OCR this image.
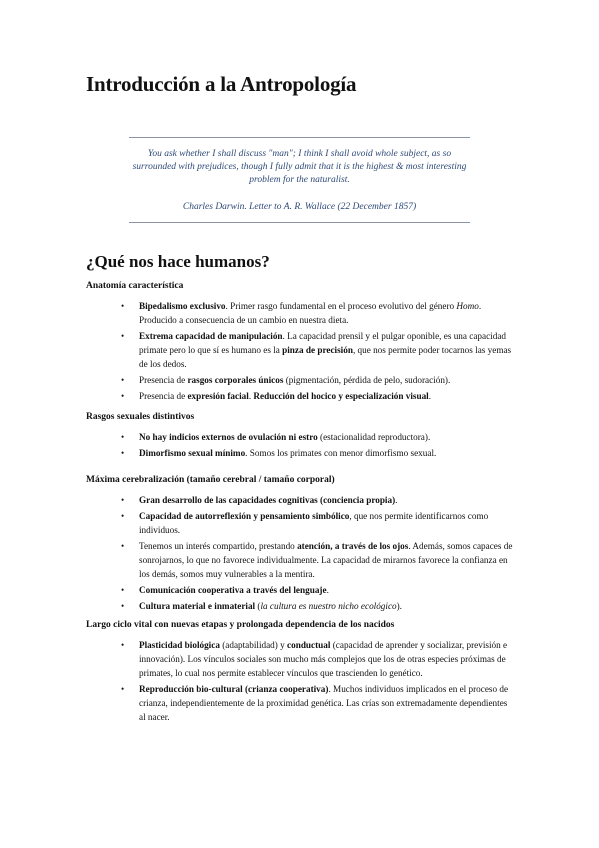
Introducción a la Antropología

You ask whether I shall discuss "man"; I think I shall avoid whole subject, as so surrounded with prejudices, though I fully admit that it is the highest & most interesting problem for the naturalist.

Charles Darwin. Letter to A. R. Wallace (22 December 1857)

¿Qué nos hace humanos?
Anatomía característica
•
Bipedalismo exclusivo. Primer rasgo fundamental en el proceso evolutivo del género Homo. Producido a consecuencia de un cambio en nuestra dieta.
•
Extrema capacidad de manipulación. La capacidad prensil y el pulgar oponible, es una capacidad primate pero lo que sí es humano es la pinza de precisión, que nos permite poder tocarnos las yemas de los dedos.
•
Presencia de rasgos corporales únicos (pigmentación, pérdida de pelo, sudoración).
•
Presencia de expresión facial. Reducción del hocico y especialización visual.
Rasgos sexuales distintivos
•
No hay indicios externos de ovulación ni estro (estacionalidad reproductora).
•
Dimorfismo sexual mínimo. Somos los primates con menor dimorfismo sexual.
Máxima cerebralización (tamaño cerebral / tamaño corporal)
•
Gran desarrollo de las capacidades cognitivas (conciencia propia).
•
Capacidad de autorreflexión y pensamiento simbólico, que nos permite identificarnos como individuos.
•
Tenemos un interés compartido, prestando atención, a través de los ojos. Además, somos capaces de sonrojarnos, lo que no favorece individualmente. La capacidad de mirarnos favorece la confianza en los demás, somos muy vulnerables a la mentira.
•
Comunicación cooperativa a través del lenguaje.
•
Cultura material e inmaterial (la cultura es nuestro nicho ecológico).
Largo ciclo vital con nuevas etapas y prolongada dependencia de los nacidos
•
Plasticidad biológica (adaptabilidad) y conductual (capacidad de aprender y socializar, previsión e innovación). Los vínculos sociales son mucho más complejos que los de otras especies próximas de primates, lo cual nos permite establecer vínculos que trascienden lo genético.
•
Reproducción bio-cultural (crianza cooperativa). Muchos individuos implicados en el proceso de crianza, independientemente de la proximidad genética. Las crías son extremadamente dependientes al nacer.
